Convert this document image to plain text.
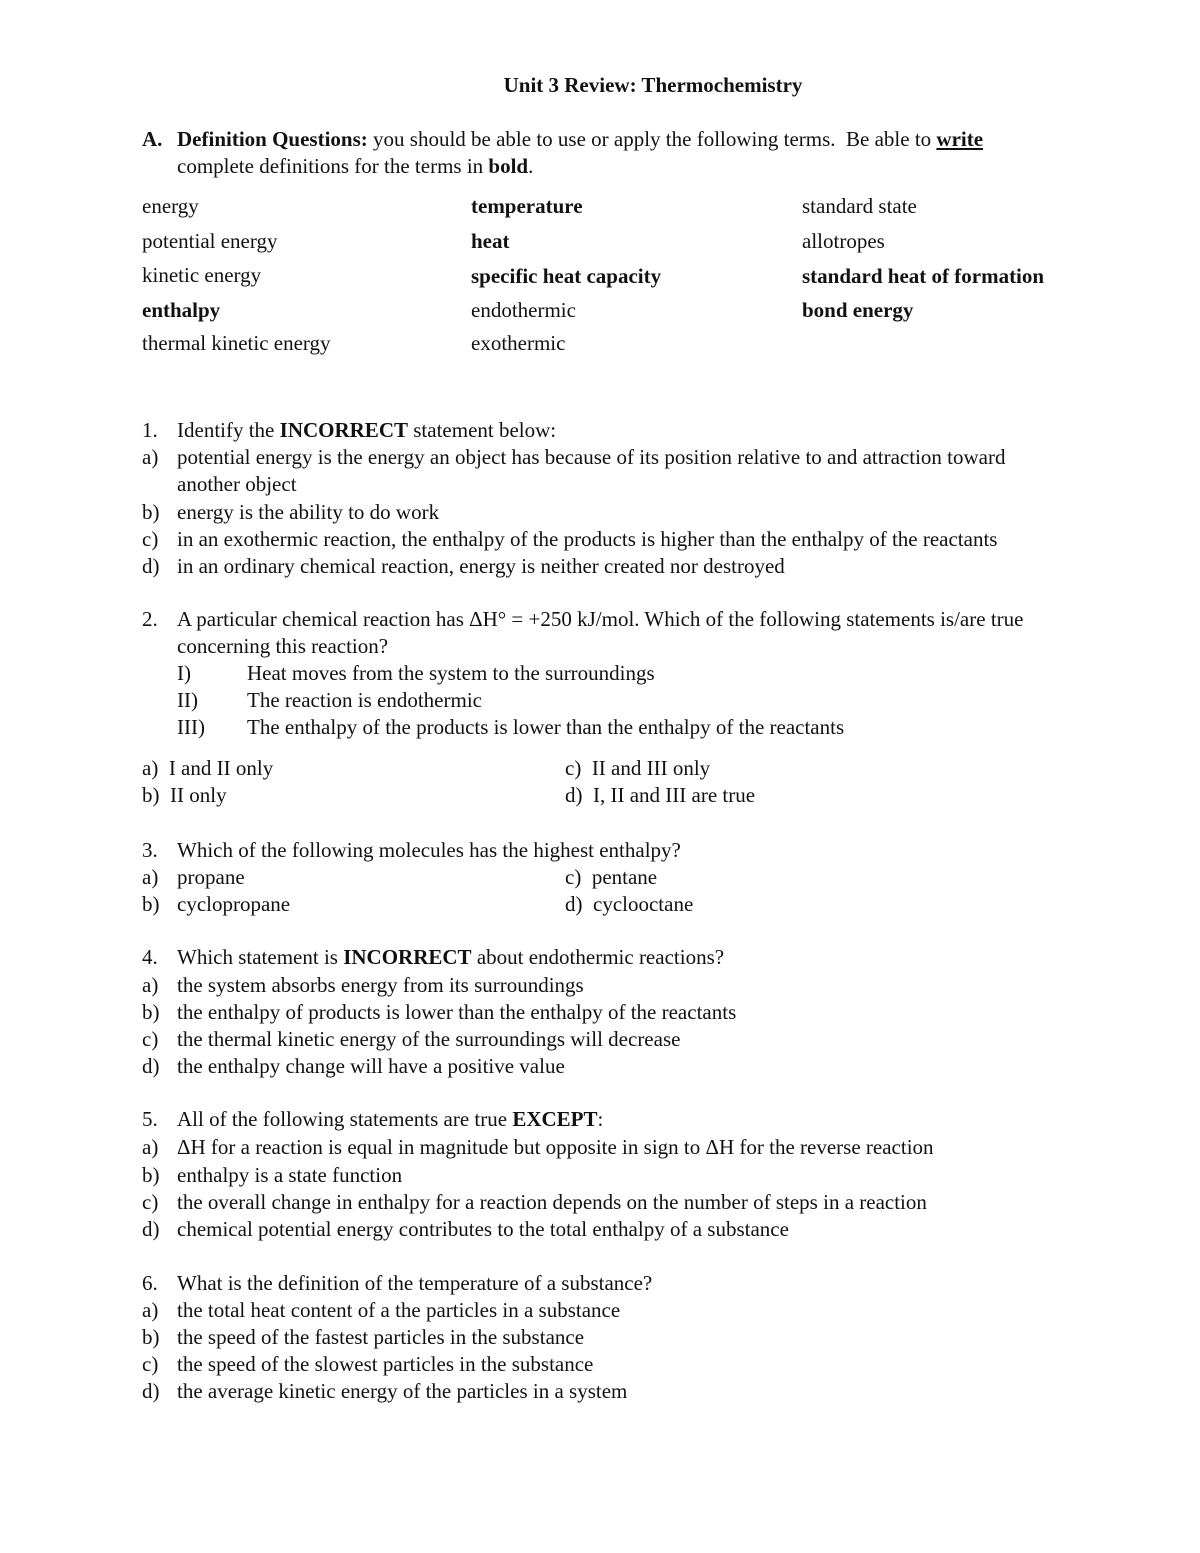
Unit 3 Review: Thermochemistry
A. Definition Questions: you should be able to use or apply the following terms.  Be able to write
complete definitions for the terms in bold.
energy
potential energy
kinetic energy
enthalpy
thermal kinetic energy
temperature
heat
specific heat capacity
endothermic
exothermic
standard state
allotropes
standard heat of formation
bond energy
1. Identify the INCORRECT statement below:
a) potential energy is the energy an object has because of its position relative to and attraction toward
another object
b) energy is the ability to do work
c) in an exothermic reaction, the enthalpy of the products is higher than the enthalpy of the reactants
d) in an ordinary chemical reaction, energy is neither created nor destroyed
2. A particular chemical reaction has ΔH° = +250 kJ/mol. Which of the following statements is/are true
concerning this reaction?
I)	Heat moves from the system to the surroundings
II) The reaction is endothermic
III) The enthalpy of the products is lower than the enthalpy of the reactants
a)  I and II only
b)  II only
c)  II and III only
d)  I, II and III are true
3. Which of the following molecules has the highest enthalpy?
a) propane
b) cyclopropane
c)  pentane
d)  cyclooctane
4. Which statement is INCORRECT about endothermic reactions?
a) the system absorbs energy from its surroundings
b) the enthalpy of products is lower than the enthalpy of the reactants
c) the thermal kinetic energy of the surroundings will decrease
d) the enthalpy change will have a positive value
5. All of the following statements are true EXCEPT:
a) ΔH for a reaction is equal in magnitude but opposite in sign to ΔH for the reverse reaction
b) enthalpy is a state function
c) the overall change in enthalpy for a reaction depends on the number of steps in a reaction
d) chemical potential energy contributes to the total enthalpy of a substance
6. What is the definition of the temperature of a substance?
a) the total heat content of a the particles in a substance
b) the speed of the fastest particles in the substance
c) the speed of the slowest particles in the substance
d) the average kinetic energy of the particles in a system
